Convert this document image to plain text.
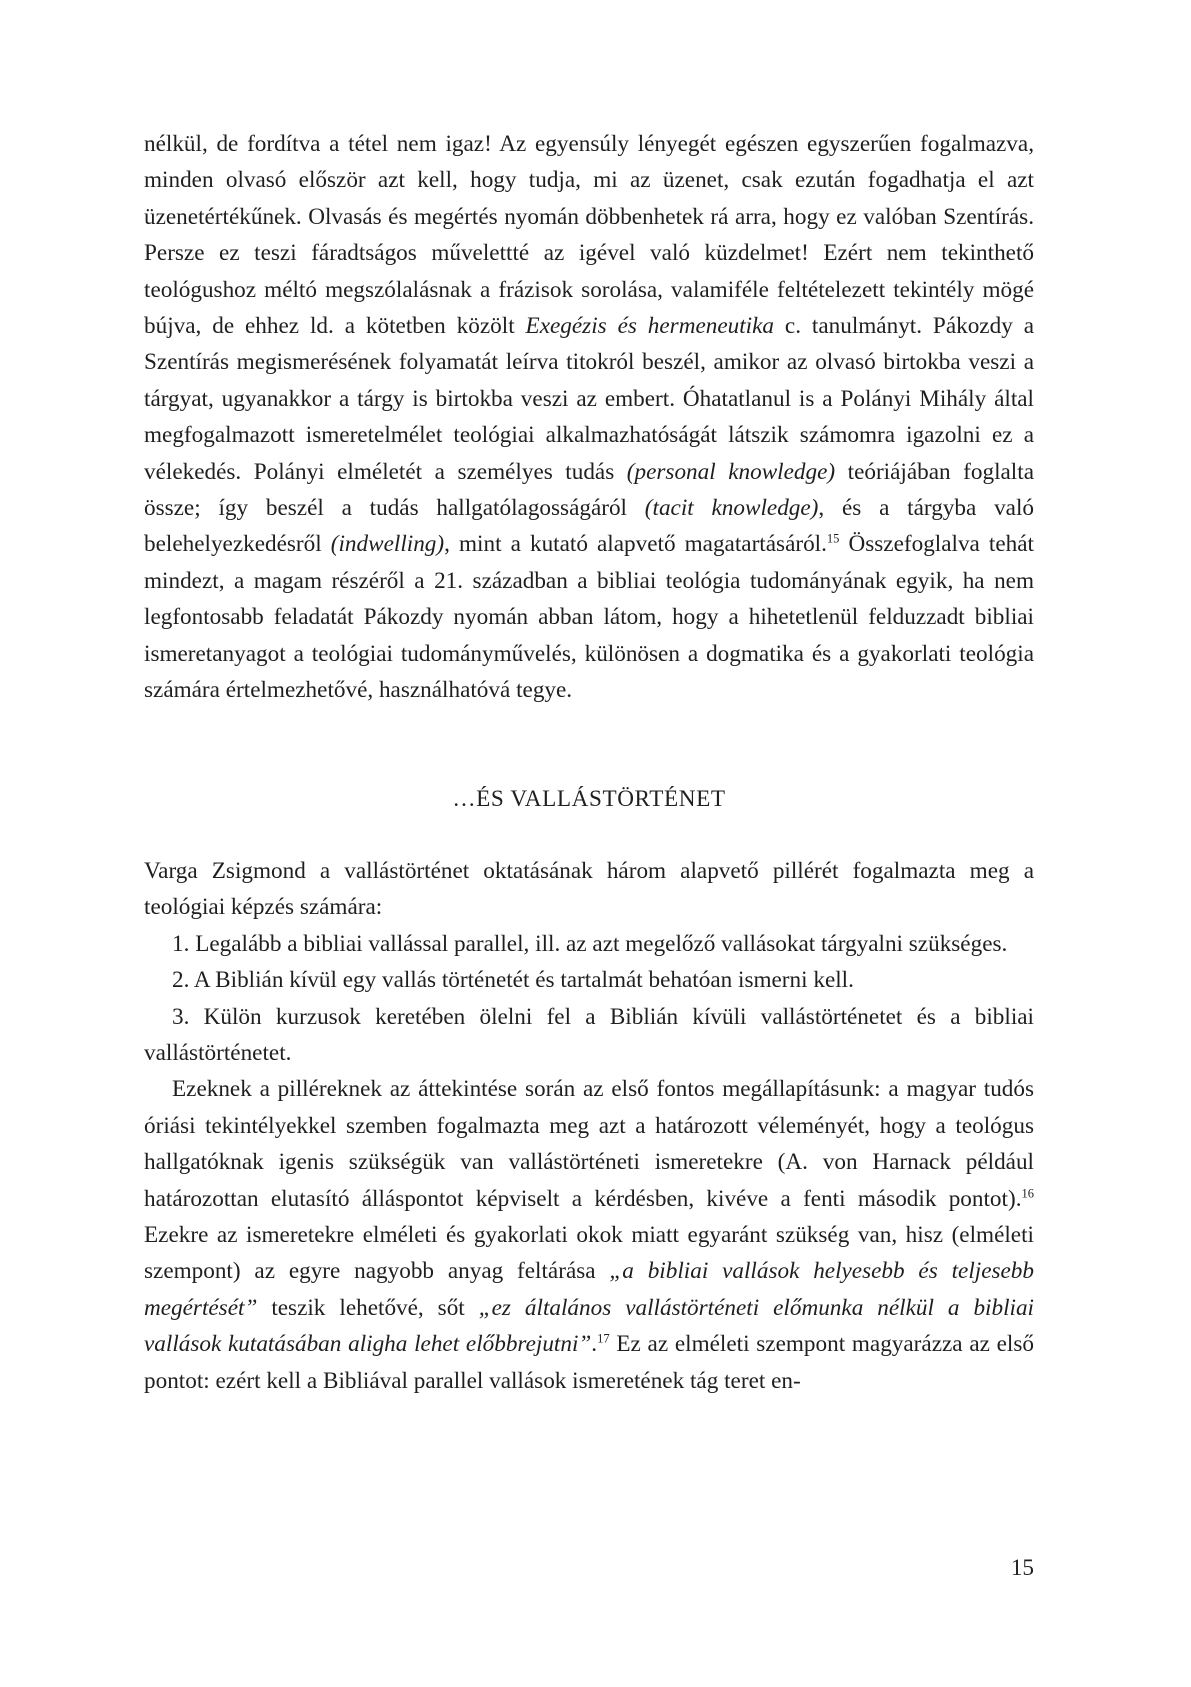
nélkül, de fordítva a tétel nem igaz! Az egyensúly lényegét egészen egyszerűen fogalmazva, minden olvasó először azt kell, hogy tudja, mi az üzenet, csak ezután fogadhatja el azt üzenetértékűnek. Olvasás és megértés nyomán döbbenhetek rá arra, hogy ez valóban Szentírás. Persze ez teszi fáradtságos művelettté az igével való küzdelmet! Ezért nem tekinthető teológushoz méltó megszólalásnak a frázisok sorolása, valamiféle feltételezett tekintély mögé bújva, de ehhez ld. a kötetben közölt Exegézis és hermeneutika c. tanulmányt. Pákozdy a Szentírás megismerésének folyamatát leírva titokról beszél, amikor az olvasó birtokba veszi a tárgyat, ugyanakkor a tárgy is birtokba veszi az embert. Óhatatlanul is a Polányi Mihály által megfogalmazott ismeretelmélet teológiai alkalmazhatóságát látszik számomra igazolni ez a vélekedés. Polányi elméletét a személyes tudás (personal knowledge) teóriájában foglalta össze; így beszél a tudás hallgatólagosságáról (tacit knowledge), és a tárgyba való belehelyezkedésről (indwelling), mint a kutató alapvető magatartásáról.$^{15}$ Összefoglalva tehát mindezt, a magam részéről a 21. században a bibliai teológia tudományának egyik, ha nem legfontosabb feladatát Pákozdy nyomán abban látom, hogy a hihetetlenül felduzzadt bibliai ismeretanyagot a teológiai tudományművelés, különösen a dogmatika és a gyakorlati teológia számára értelmezhetővé, használhatóvá tegye.

…ÉS VALLÁSTÖRTÉNET

Varga Zsigmond a vallástörténet oktatásának három alapvető pillérét fogalmazta meg a teológiai képzés számára:

1. Legalább a bibliai vallással parallel, ill. az azt megelőző vallásokat tárgyalni szükséges.

2. A Biblián kívül egy vallás történetét és tartalmát behatóan ismerni kell.

3. Külön kurzusok keretében ölelni fel a Biblián kívüli vallástörténetet és a bibliai vallástörténetet.

Ezeknek a pilléreknek az áttekintése során az első fontos megállapításunk: a magyar tudós óriási tekintélyekkel szemben fogalmazta meg azt a határozott véleményét, hogy a teológus hallgatóknak igenis szükségük van vallástörténeti ismeretekre (A. von Harnack például határozottan elutasító álláspontot képviselt a kérdésben, kivéve a fenti második pontot).$^{16}$ Ezekre az ismeretekre elméleti és gyakorlati okok miatt egyaránt szükség van, hisz (elméleti szempont) az egyre nagyobb anyag feltárása „a bibliai vallások helyesebb és teljesebb megértését” teszik lehetővé, sőt „ez általános vallástörténeti előmunka nélkül a bibliai vallások kutatásában aligha lehet előbbrejutni”.$^{17}$ Ez az elméleti szempont magyarázza az első pontot: ezért kell a Bibliával parallel vallások ismeretének tág teret en-

15
